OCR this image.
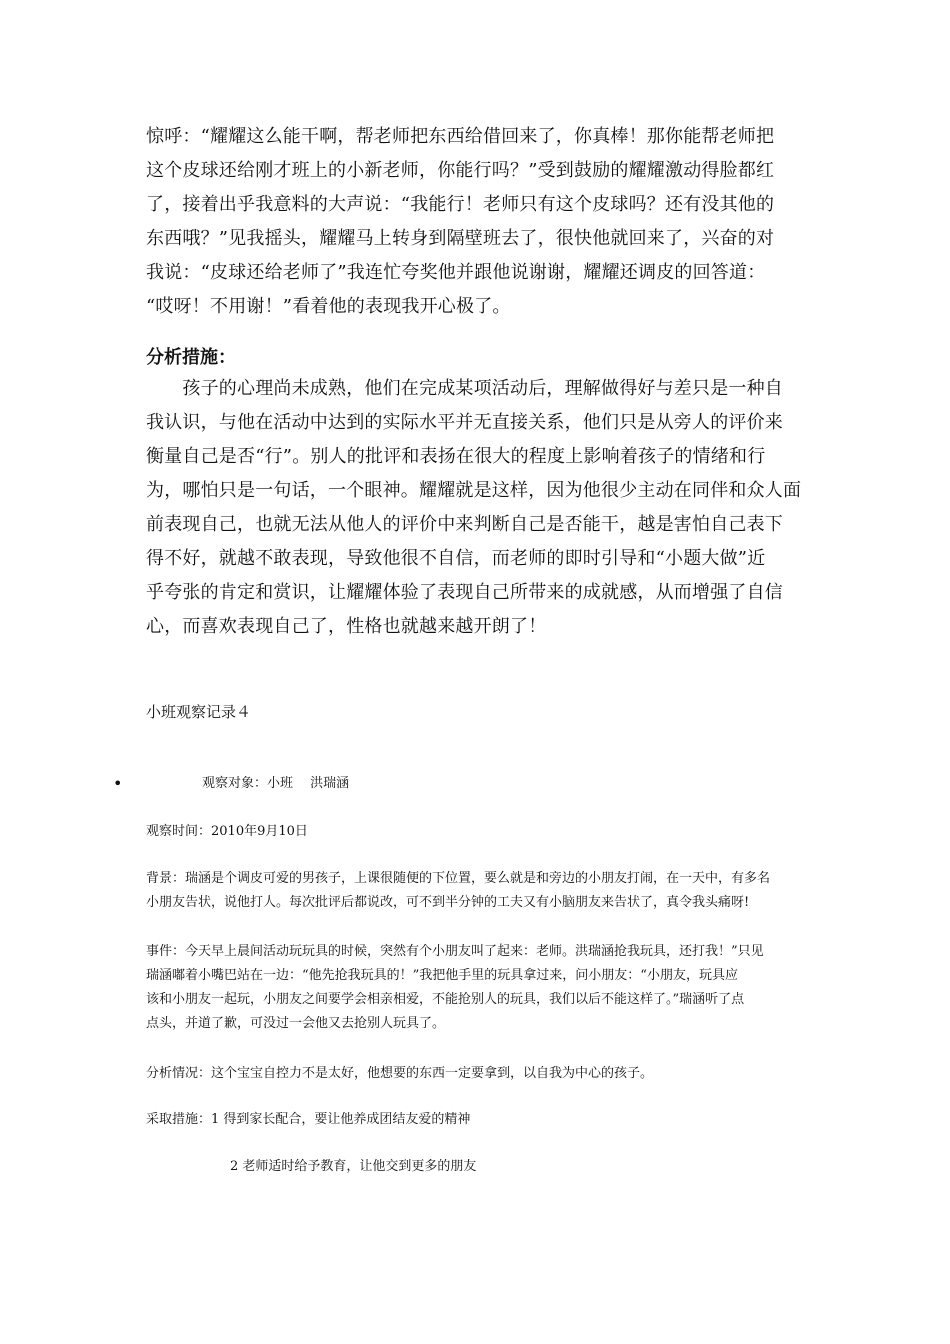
惊呼：“耀耀这么能干啊，帮老师把东西给借回来了，你真棒！那你能帮老师把
这个皮球还给刚才班上的小新老师，你能行吗？”受到鼓励的耀耀激动得脸都红
了，接着出乎我意料的大声说：“我能行！老师只有这个皮球吗？还有没其他的
东西哦？”见我摇头，耀耀马上转身到隔壁班去了，很快他就回来了，兴奋的对
我说：“皮球还给老师了”我连忙夸奖他并跟他说谢谢，耀耀还调皮的回答道：
“哎呀！不用谢！”看着他的表现我开心极了。
分析措施：
　　孩子的心理尚未成熟，他们在完成某项活动后，理解做得好与差只是一种自
我认识，与他在活动中达到的实际水平并无直接关系，他们只是从旁人的评价来
衡量自己是否“行”。别人的批评和表扬在很大的程度上影响着孩子的情绪和行
为，哪怕只是一句话，一个眼神。耀耀就是这样，因为他很少主动在同伴和众人面
前表现自己，也就无法从他人的评价中来判断自己是否能干，越是害怕自己表下
得不好，就越不敢表现，导致他很不自信，而老师的即时引导和“小题大做”近
乎夸张的肯定和赏识，让耀耀体验了表现自己所带来的成就感，从而增强了自信
心，而喜欢表现自己了，性格也就越来越开朗了！
小班观察记录４
•	观察对象：小班　 洪瑞涵
观察时间：2010年9月10日
背景：瑞涵是个调皮可爱的男孩子，上课很随便的下位置，要么就是和旁边的小朋友打闹，在一天中，有多名
小朋友告状，说他打人。每次批评后都说改，可不到半分钟的工夫又有小脑朋友来告状了，真令我头痛呀!
事件：今天早上晨间活动玩玩具的时候，突然有个小朋友叫了起来：老师。洪瑞涵抢我玩具，还打我！”只见
瑞涵嘟着小嘴巴站在一边：“他先抢我玩具的！”我把他手里的玩具拿过来，问小朋友：“小朋友，玩具应
该和小朋友一起玩，小朋友之间要学会相亲相爱，不能抢别人的玩具，我们以后不能这样了。”瑞涵听了点
点头，并道了歉，可没过一会他又去抢别人玩具了。
分析情况：这个宝宝自控力不是太好，他想要的东西一定要拿到，以自我为中心的孩子。
采取措施：1 得到家长配合，要让他养成团结友爱的精神
2 老师适时给予教育，让他交到更多的朋友
